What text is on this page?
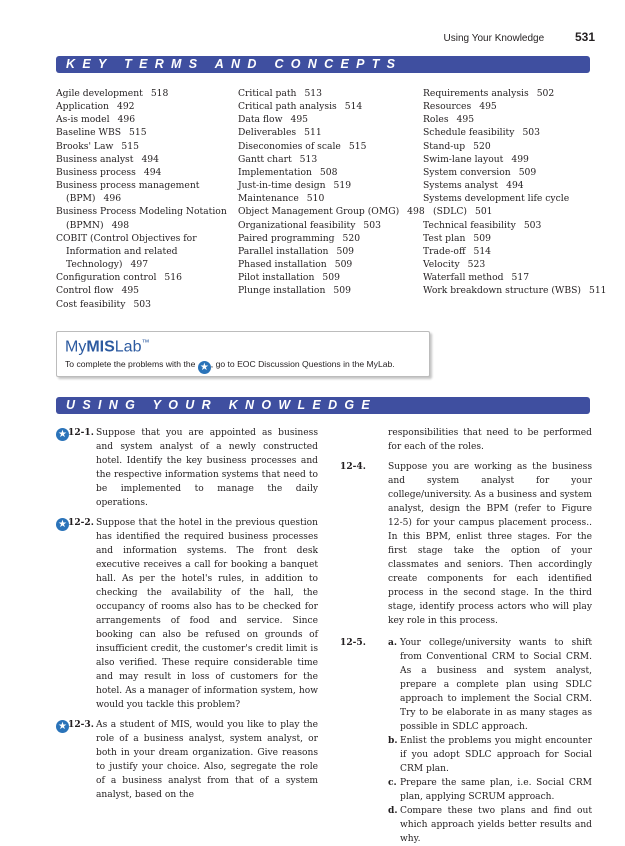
Using Your Knowledge	531
KEY TERMS AND CONCEPTS
Agile development 518
Application 492
As-is model 496
Baseline WBS 515
Brooks' Law 515
Business analyst 494
Business process 494
Business process management
(BPM) 496
Business Process Modeling Notation
(BPMN) 498
COBIT (Control Objectives for
Information and related
Technology) 497
Configuration control 516
Control flow 495
Cost feasibility 503
Critical path 513
Critical path analysis 514
Data flow 495
Deliverables 511
Diseconomies of scale 515
Gantt chart 513
Implementation 508
Just-in-time design 519
Maintenance 510
Object Management Group (OMG) 498
Organizational feasibility 503
Paired programming 520
Parallel installation 509
Phased installation 509
Pilot installation 509
Plunge installation 509
Requirements analysis 502
Resources 495
Roles 495
Schedule feasibility 503
Stand-up 520
Swim-lane layout 499
System conversion 509
Systems analyst 494
Systems development life cycle
(SDLC) 501
Technical feasibility 503
Test plan 509
Trade-off 514
Velocity 523
Waterfall method 517
Work breakdown structure (WBS) 511
MyMISLab™
To complete the problems with the ★ , go to EOC Discussion Questions in the MyLab.
USING YOUR KNOWLEDGE
★ 12-1. Suppose that you are appointed as business and system analyst of a newly constructed hotel. Identify the key business processes and the respective information systems that need to be implemented to manage the daily operations.
★ 12-2. Suppose that the hotel in the previous question has identified the required business processes and information systems. The front desk executive receives a call for booking a banquet hall. As per the hotel's rules, in addition to checking the availability of the hall, the occupancy of rooms also has to be checked for arrangements of food and service. Since booking can also be refused on grounds of insufficient credit, the customer's credit limit is also verified. These require considerable time and may result in loss of customers for the hotel. As a manager of information system, how would you tackle this problem?
★ 12-3. As a student of MIS, would you like to play the role of a business analyst, system analyst, or both in your dream organization. Give reasons to justify your choice. Also, segregate the role of a business analyst from that of a system analyst, based on the
responsibilities that need to be performed for each of the roles.
12-4. Suppose you are working as the business and system analyst for your college/university. As a business and system analyst, design the BPM (refer to Figure 12-5) for your campus placement process.. In this BPM, enlist three stages. For the first stage take the option of your classmates and seniors. Then accordingly create components for each identified process in the second stage. In the third stage, identify process actors who will play key role in this process.
12-5. a. Your college/university wants to shift from Conventional CRM to Social CRM. As a business and system analyst, prepare a complete plan using SDLC approach to implement the Social CRM. Try to be elaborate in as many stages as possible in SDLC approach.
b. Enlist the problems you might encounter if you adopt SDLC approach for Social CRM plan.
c. Prepare the same plan, i.e. Social CRM plan, applying SCRUM approach.
d. Compare these two plans and find out which approach yields better results and why.
